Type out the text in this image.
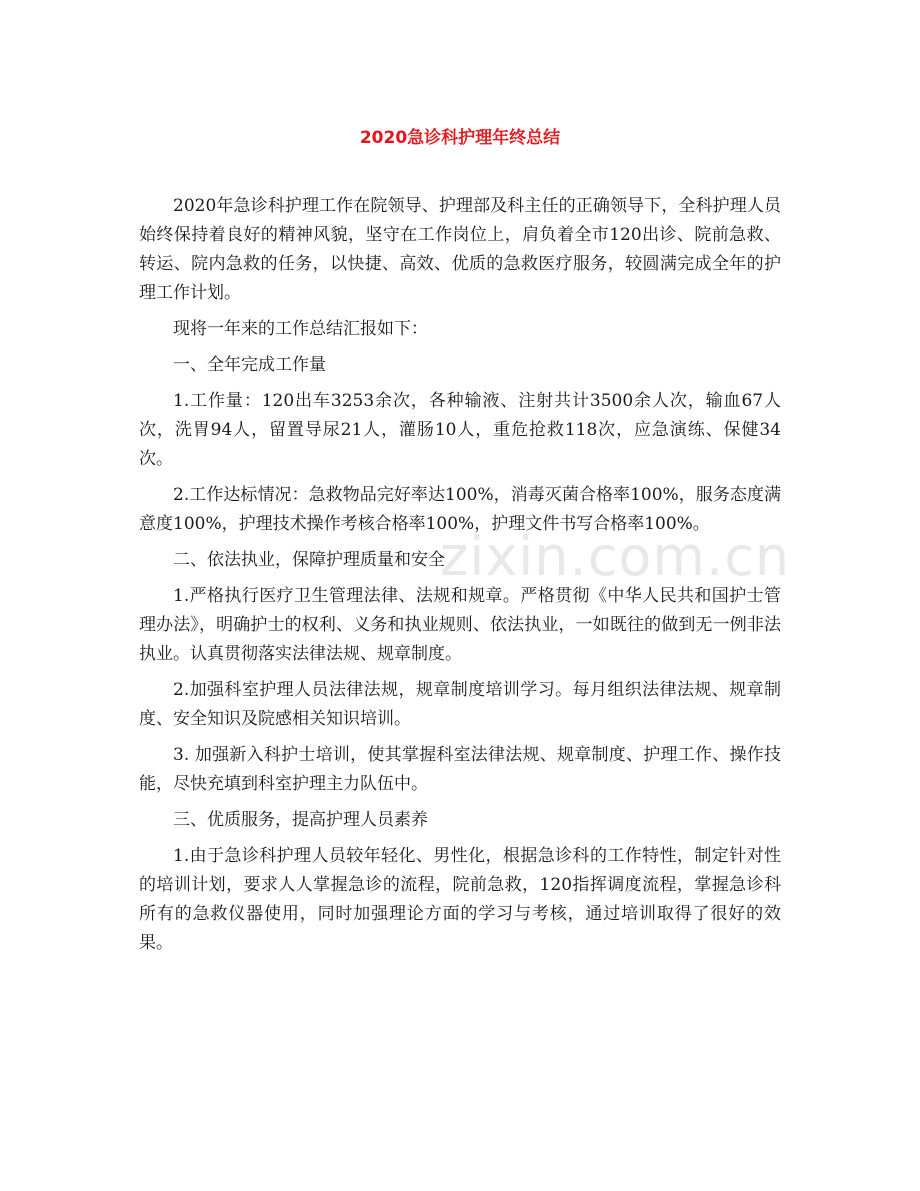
2020急诊科护理年终总结

2020年急诊科护理工作在院领导、护理部及科主任的正确领导下，全科护理人员始终保持着良好的精神风貌，坚守在工作岗位上，肩负着全市120出诊、院前急救、转运、院内急救的任务，以快捷、高效、优质的急救医疗服务，较圆满完成全年的护理工作计划。

现将一年来的工作总结汇报如下：

一、全年完成工作量

1.工作量：120出车3253余次，各种输液、注射共计3500余人次，输血67人次，洗胃94人，留置导尿21人，灌肠10人，重危抢救118次，应急演练、保健34次。

2.工作达标情况：急救物品完好率达100%，消毒灭菌合格率100%，服务态度满意度100%，护理技术操作考核合格率100%，护理文件书写合格率100%。

二、依法执业，保障护理质量和安全

1.严格执行医疗卫生管理法律、法规和规章。严格贯彻《中华人民共和国护士管理办法》，明确护士的权利、义务和执业规则、依法执业，一如既往的做到无一例非法执业。认真贯彻落实法律法规、规章制度。

2.加强科室护理人员法律法规，规章制度培训学习。每月组织法律法规、规章制度、安全知识及院感相关知识培训。

3. 加强新入科护士培训，使其掌握科室法律法规、规章制度、护理工作、操作技能，尽快充填到科室护理主力队伍中。

三、优质服务，提高护理人员素养

1.由于急诊科护理人员较年轻化、男性化，根据急诊科的工作特性，制定针对性的培训计划，要求人人掌握急诊的流程，院前急救，120指挥调度流程，掌握急诊科所有的急救仪器使用，同时加强理论方面的学习与考核，通过培训取得了很好的效果。

zixin.com.cn
